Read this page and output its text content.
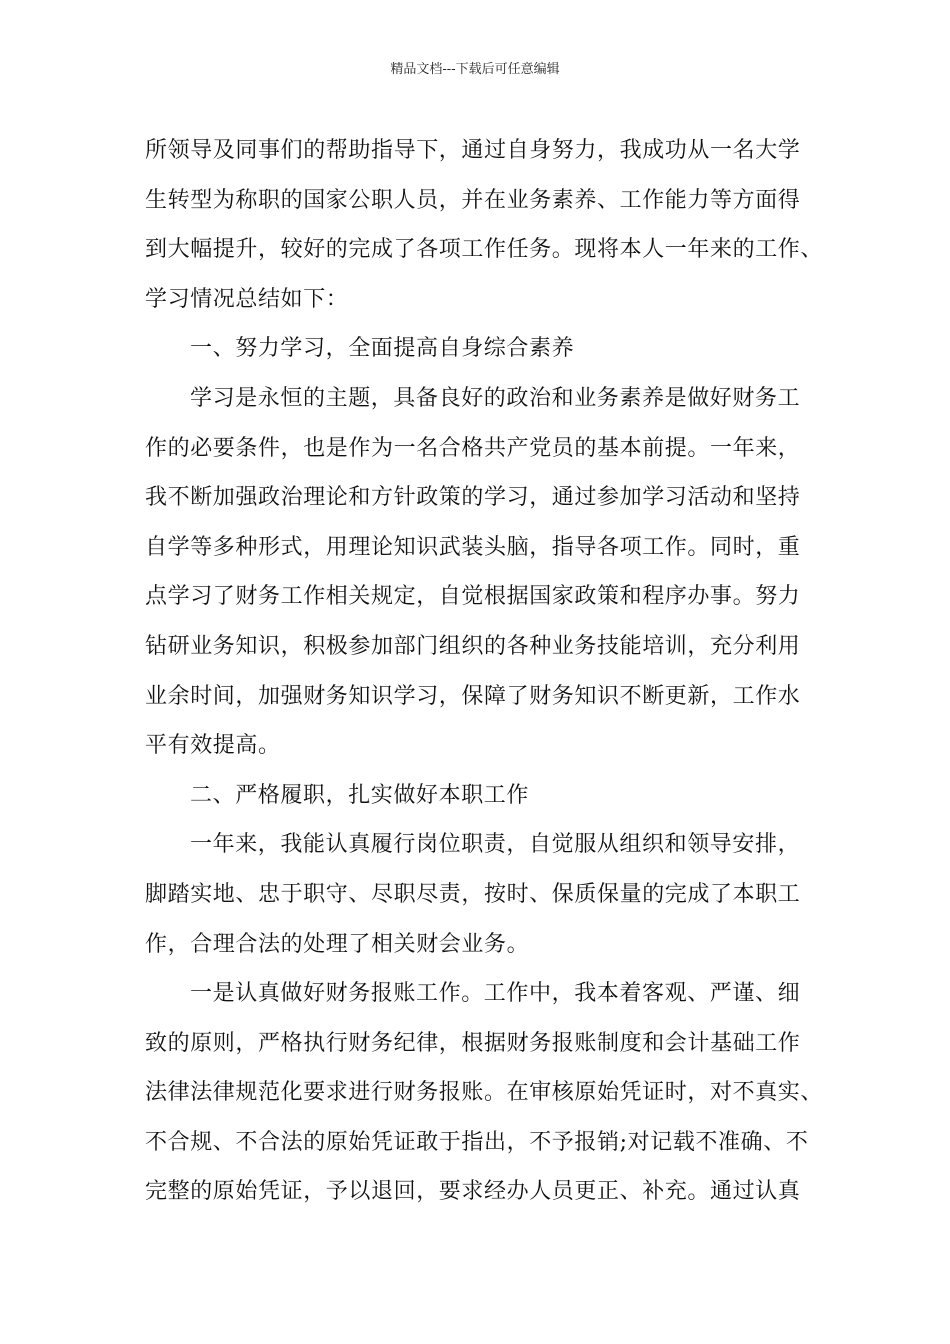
精品文档---下载后可任意编辑
所领导及同事们的帮助指导下，通过自身努力，我成功从一名大学
生转型为称职的国家公职人员，并在业务素养、工作能力等方面得
到大幅提升，较好的完成了各项工作任务。现将本人一年来的工作、
学习情况总结如下：
一、努力学习，全面提高自身综合素养
学习是永恒的主题，具备良好的政治和业务素养是做好财务工
作的必要条件，也是作为一名合格共产党员的基本前提。一年来，
我不断加强政治理论和方针政策的学习，通过参加学习活动和坚持
自学等多种形式，用理论知识武装头脑，指导各项工作。同时，重
点学习了财务工作相关规定，自觉根据国家政策和程序办事。努力
钻研业务知识，积极参加部门组织的各种业务技能培训，充分利用
业余时间，加强财务知识学习，保障了财务知识不断更新，工作水
平有效提高。
二、严格履职，扎实做好本职工作
一年来，我能认真履行岗位职责，自觉服从组织和领导安排，
脚踏实地、忠于职守、尽职尽责，按时、保质保量的完成了本职工
作，合理合法的处理了相关财会业务。
一是认真做好财务报账工作。工作中，我本着客观、严谨、细
致的原则，严格执行财务纪律，根据财务报账制度和会计基础工作
法律法律规范化要求进行财务报账。在审核原始凭证时，对不真实、
不合规、不合法的原始凭证敢于指出，不予报销;对记载不准确、不
完整的原始凭证，予以退回，要求经办人员更正、补充。通过认真
